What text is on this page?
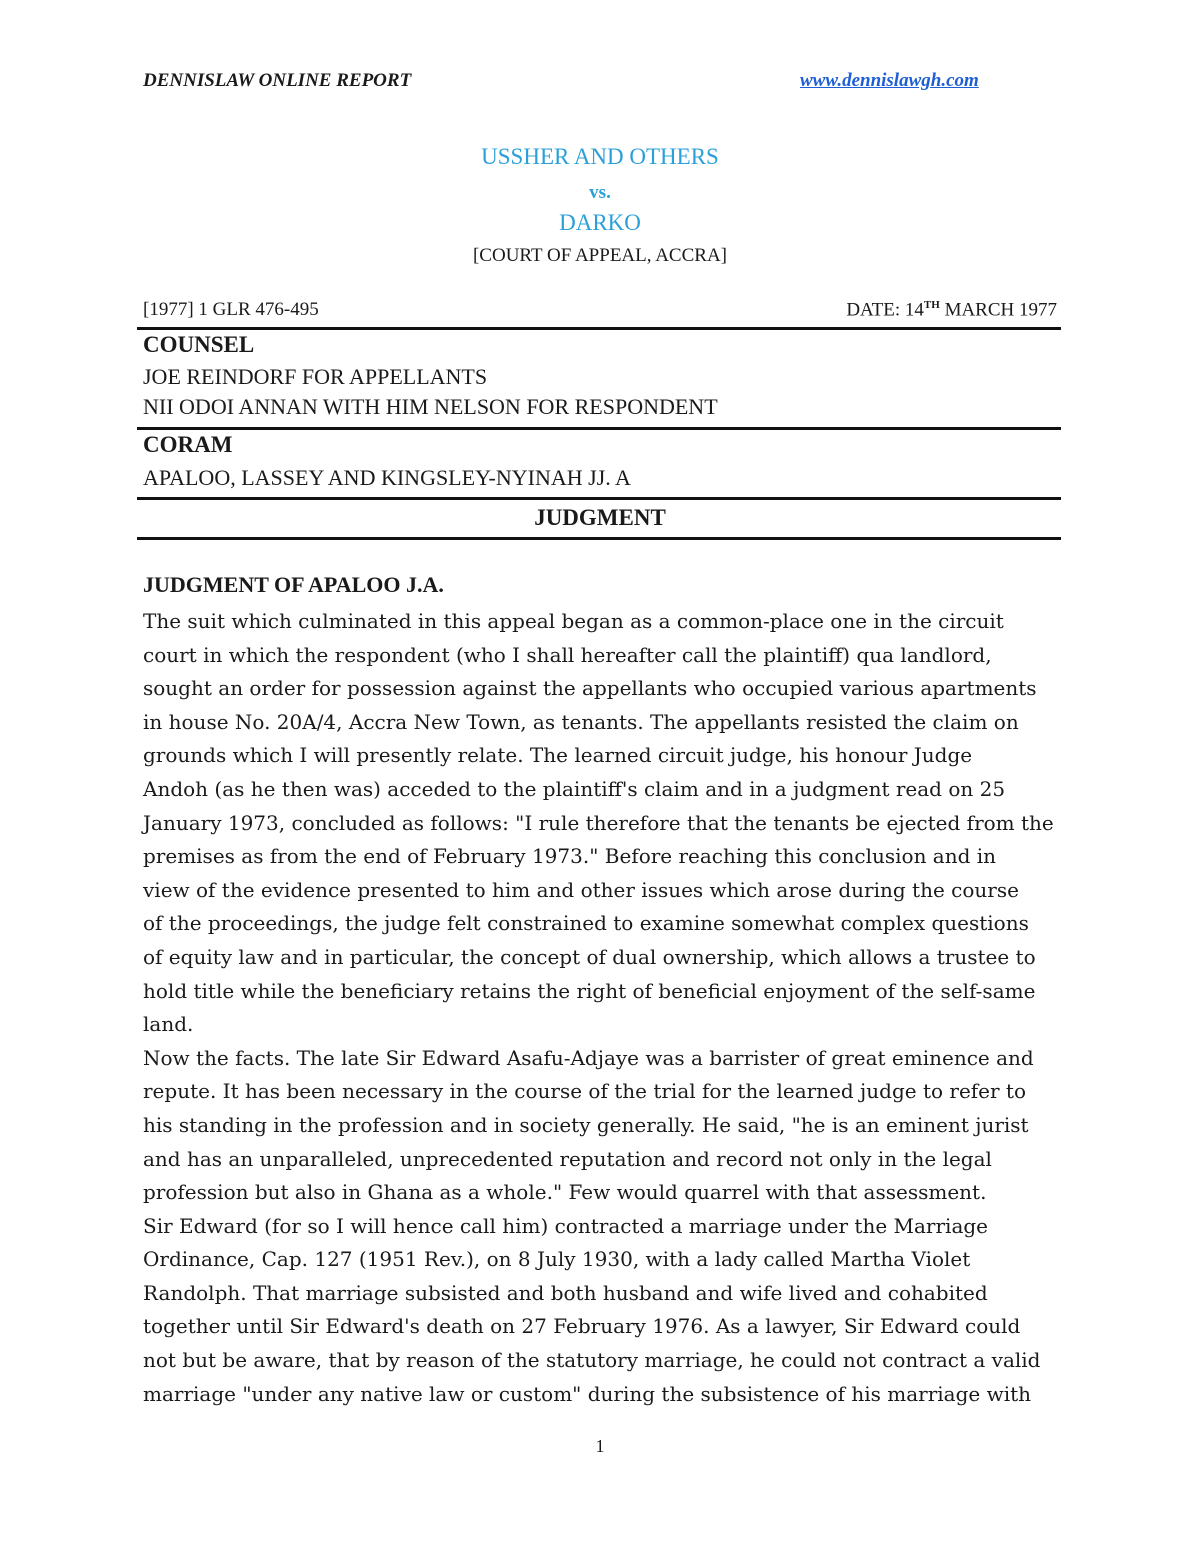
DENNISLAW ONLINE REPORT	www.dennislawgh.com
USSHER AND OTHERS
vs.
DARKO
[COURT OF APPEAL, ACCRA]
[1977] 1 GLR 476-495	DATE: 14TH MARCH 1977
COUNSEL
JOE REINDORF FOR APPELLANTS
NII ODOI ANNAN WITH HIM NELSON FOR RESPONDENT
CORAM
APALOO, LASSEY AND KINGSLEY-NYINAH JJ. A
JUDGMENT
JUDGMENT OF APALOO J.A.
The suit which culminated in this appeal began as a common-place one in the circuit
court in which the respondent (who I shall hereafter call the plaintiff) qua landlord,
sought an order for possession against the appellants who occupied various apartments
in house No. 20A/4, Accra New Town, as tenants. The appellants resisted the claim on
grounds which I will presently relate. The learned circuit judge, his honour Judge
Andoh (as he then was) acceded to the plaintiff's claim and in a judgment read on 25
January 1973, concluded as follows: "I rule therefore that the tenants be ejected from the
premises as from the end of February 1973." Before reaching this conclusion and in
view of the evidence presented to him and other issues which arose during the course
of the proceedings, the judge felt constrained to examine somewhat complex questions
of equity law and in particular, the concept of dual ownership, which allows a trustee to
hold title while the beneficiary retains the right of beneficial enjoyment of the self-same
land.
Now the facts. The late Sir Edward Asafu-Adjaye was a barrister of great eminence and
repute. It has been necessary in the course of the trial for the learned judge to refer to
his standing in the profession and in society generally. He said, "he is an eminent jurist
and has an unparalleled, unprecedented reputation and record not only in the legal
profession but also in Ghana as a whole." Few would quarrel with that assessment.
Sir Edward (for so I will hence call him) contracted a marriage under the Marriage
Ordinance, Cap. 127 (1951 Rev.), on 8 July 1930, with a lady called Martha Violet
Randolph. That marriage subsisted and both husband and wife lived and cohabited
together until Sir Edward's death on 27 February 1976. As a lawyer, Sir Edward could
not but be aware, that by reason of the statutory marriage, he could not contract a valid
marriage "under any native law or custom" during the subsistence of his marriage with
1
